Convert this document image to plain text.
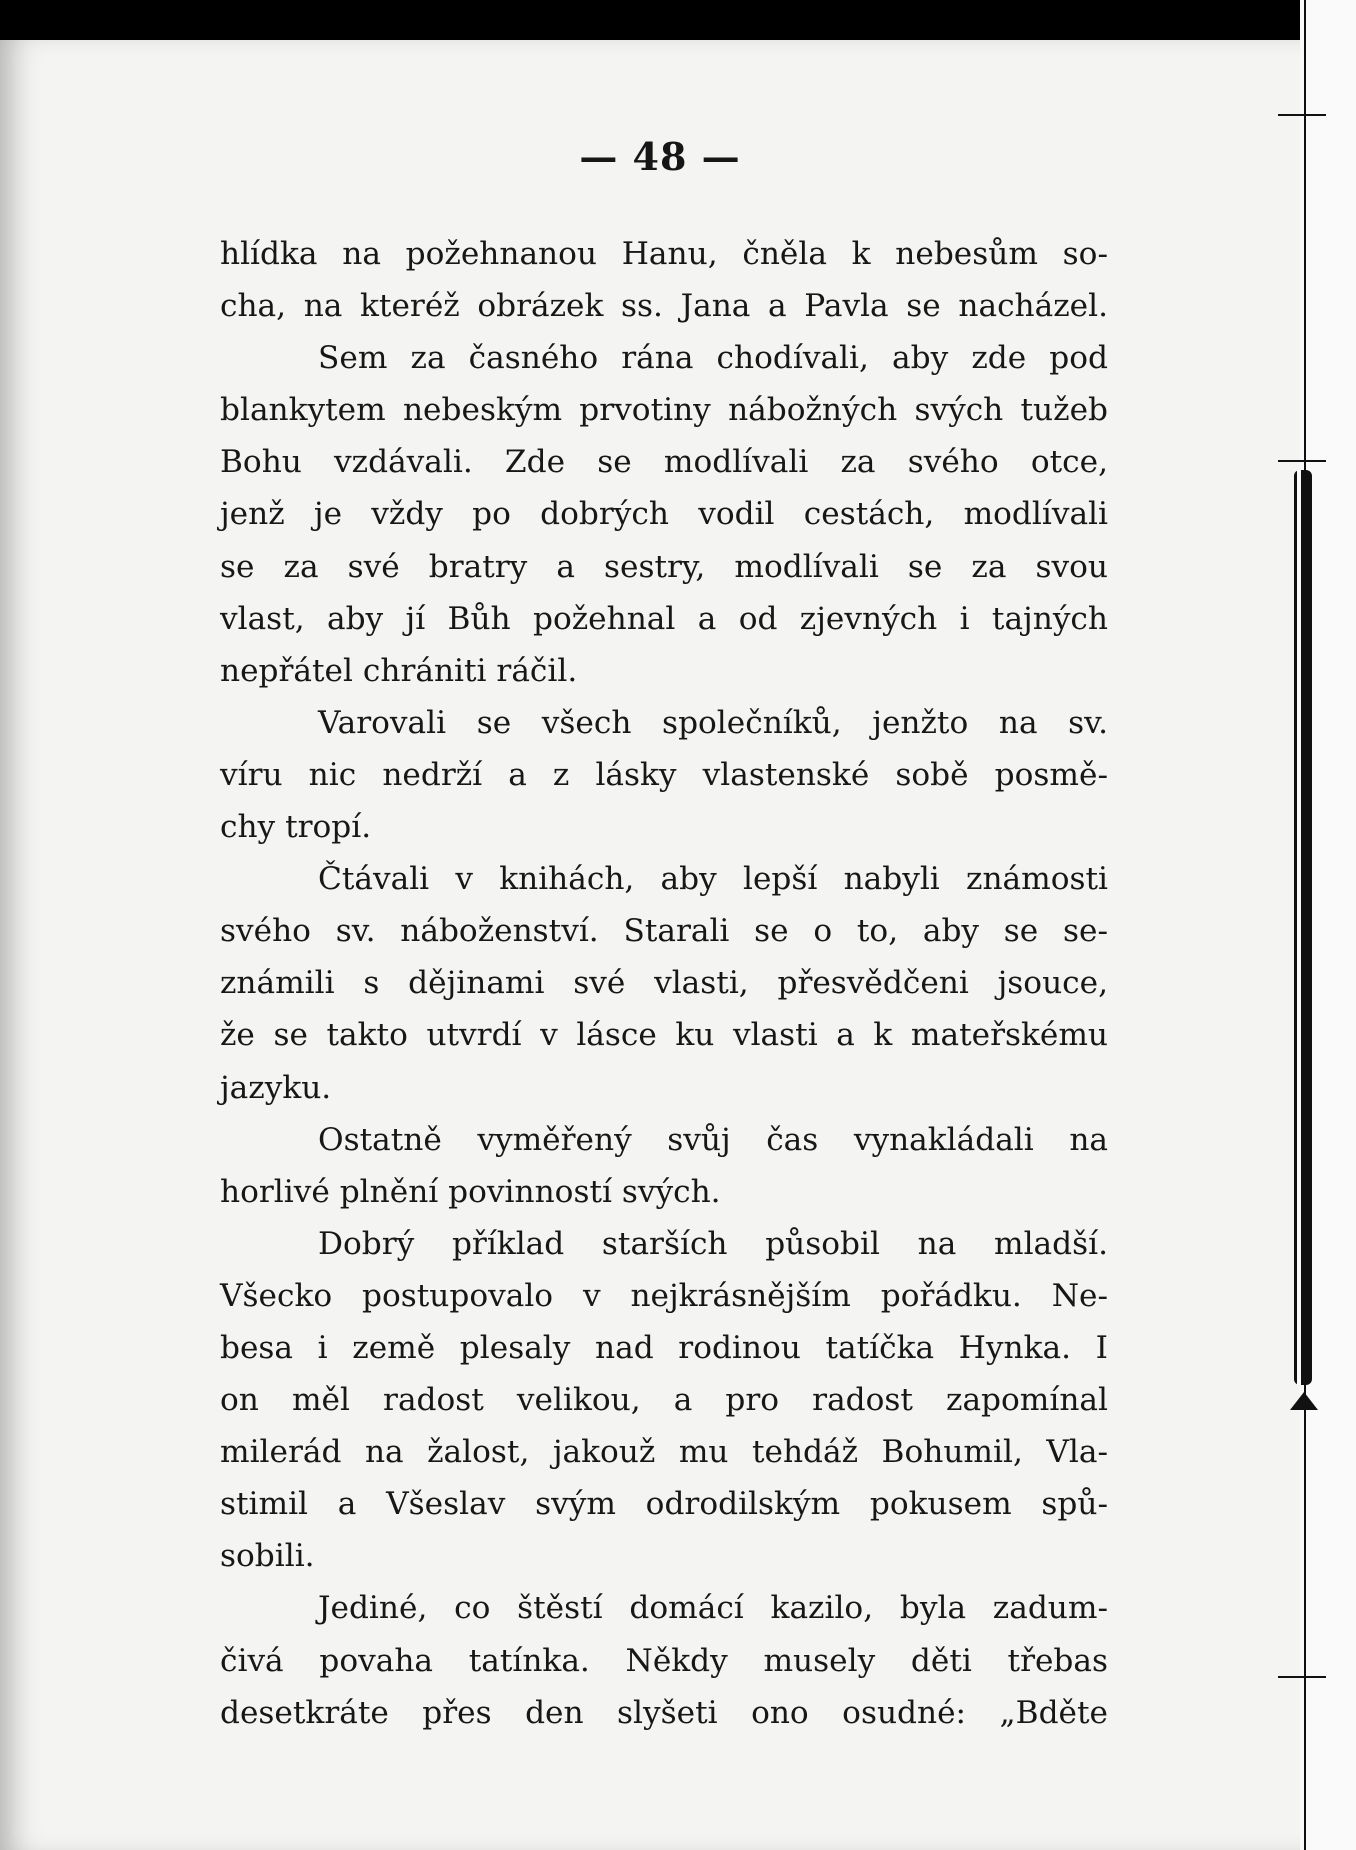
— 48 —
hlídka na požehnanou Hanu, čněla k nebesům so-
cha, na kteréž obrázek ss. Jana a Pavla se nacházel.
Sem za časného rána chodívali, aby zde pod
blankytem nebeským prvotiny nábožných svých tužeb
Bohu vzdávali. Zde se modlívali za svého otce,
jenž je vždy po dobrých vodil cestách, modlívali
se za své bratry a sestry, modlívali se za svou
vlast, aby jí Bůh požehnal a od zjevných i tajných
nepřátel chrániti ráčil.
Varovali se všech společníků, jenžto na sv.
víru nic nedrží a z lásky vlastenské sobě posmě-
chy tropí.
Čtávali v knihách, aby lepší nabyli známosti
svého sv. náboženství. Starali se o to, aby se se-
známili s dějinami své vlasti, přesvědčeni jsouce,
že se takto utvrdí v lásce ku vlasti a k mateřskému
jazyku.
Ostatně vyměřený svůj čas vynakládali na
horlivé plnění povinností svých.
Dobrý příklad starších působil na mladší.
Všecko postupovalo v nejkrásnějším pořádku. Ne-
besa i země plesaly nad rodinou tatíčka Hynka. I
on měl radost velikou, a pro radost zapomínal
milerád na žalost, jakouž mu tehdáž Bohumil, Vla-
stimil a Všeslav svým odrodilským pokusem spů-
sobili.
Jediné, co štěstí domácí kazilo, byla zadum-
čivá povaha tatínka. Někdy musely děti třebas
desetkráte přes den slyšeti ono osudné: „Bděte
